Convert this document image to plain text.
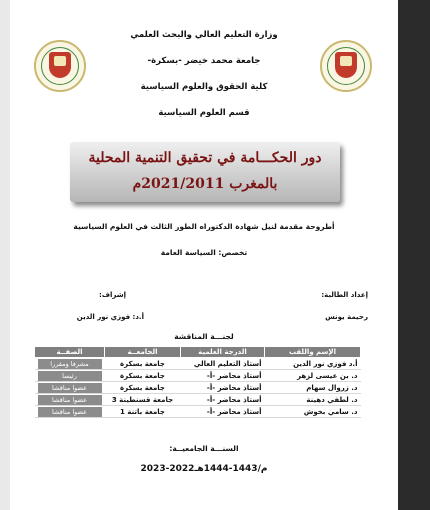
وزارة التعليم العالي والبحث العلمي
جامعة محمد خيضر -بسكرة-
كلية الحقوق والعلوم السياسية
قسم العلوم السياسية
دور الحكـــامة في تحقيق التنمية المحلية
بالمغرب 2021/2011م
أطروحة مقدمة لنيل شهادة الدكتوراه الطور الثالث في العلوم السياسية
تخصص: السياسة العامة
إعداد الطالبة:
رحيمة يونس
إشراف:
أ.د: فوزي نور الدين
لجنـــة المناقشة
الإسم واللقب	الدرجة العلمية	الجامعــة	الصفــة
أ.د فوزي نور الدين	أستاذ التعليم العالي	جامعة بسكرة	مشرفا ومقررا

د. بن عيسى لزهر	أستاذ محاضر -أ-	جامعة بسكرة	رئيسا

د. زروال سهام	أستاذ محاضر -أ-	جامعة بسكرة	عضوا مناقشا

د. لطفي دهينة	أستاذ محاضر -أ-	جامعة قسنطينة 3	عضوا مناقشا

د. سامي بخوش	أستاذ محاضر -أ-	جامعة باتنة 1	عضوا مناقشا
السنـــة الجامعيــة:
2023-2022م/1443-1444هـ
